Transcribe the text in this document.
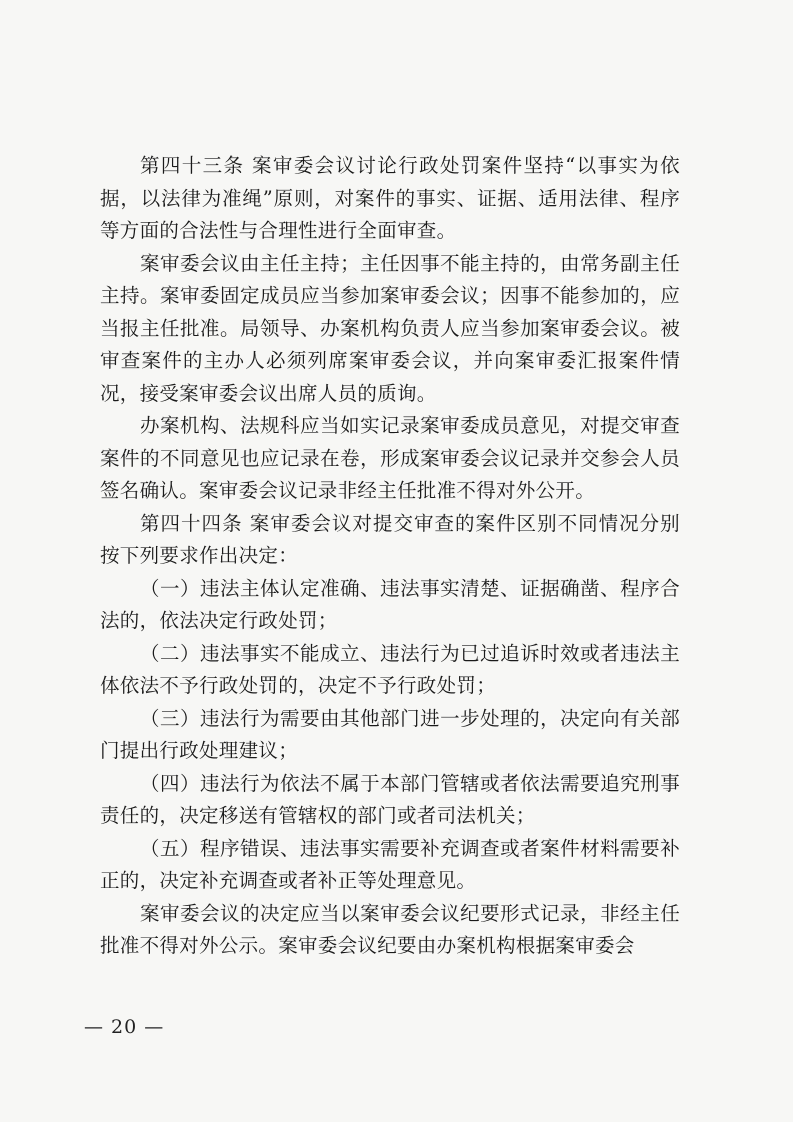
第四十三条 案审委会议讨论行政处罚案件坚持“以事实为依据，以法律为准绳”原则，对案件的事实、证据、适用法律、程序等方面的合法性与合理性进行全面审查。

案审委会议由主任主持；主任因事不能主持的，由常务副主任主持。案审委固定成员应当参加案审委会议；因事不能参加的，应当报主任批准。局领导、办案机构负责人应当参加案审委会议。被审查案件的主办人必须列席案审委会议，并向案审委汇报案件情况，接受案审委会议出席人员的质询。

办案机构、法规科应当如实记录案审委成员意见，对提交审查案件的不同意见也应记录在卷，形成案审委会议记录并交参会人员签名确认。案审委会议记录非经主任批准不得对外公开。

第四十四条 案审委会议对提交审查的案件区别不同情况分别按下列要求作出决定：

（一）违法主体认定准确、违法事实清楚、证据确凿、程序合法的，依法决定行政处罚；

（二）违法事实不能成立、违法行为已过追诉时效或者违法主体依法不予行政处罚的，决定不予行政处罚；

（三）违法行为需要由其他部门进一步处理的，决定向有关部门提出行政处理建议；

（四）违法行为依法不属于本部门管辖或者依法需要追究刑事责任的，决定移送有管辖权的部门或者司法机关；

（五）程序错误、违法事实需要补充调查或者案件材料需要补正的，决定补充调查或者补正等处理意见。

案审委会议的决定应当以案审委会议纪要形式记录，非经主任批准不得对外公示。案审委会议纪要由办案机构根据案审委会

— 20 —
